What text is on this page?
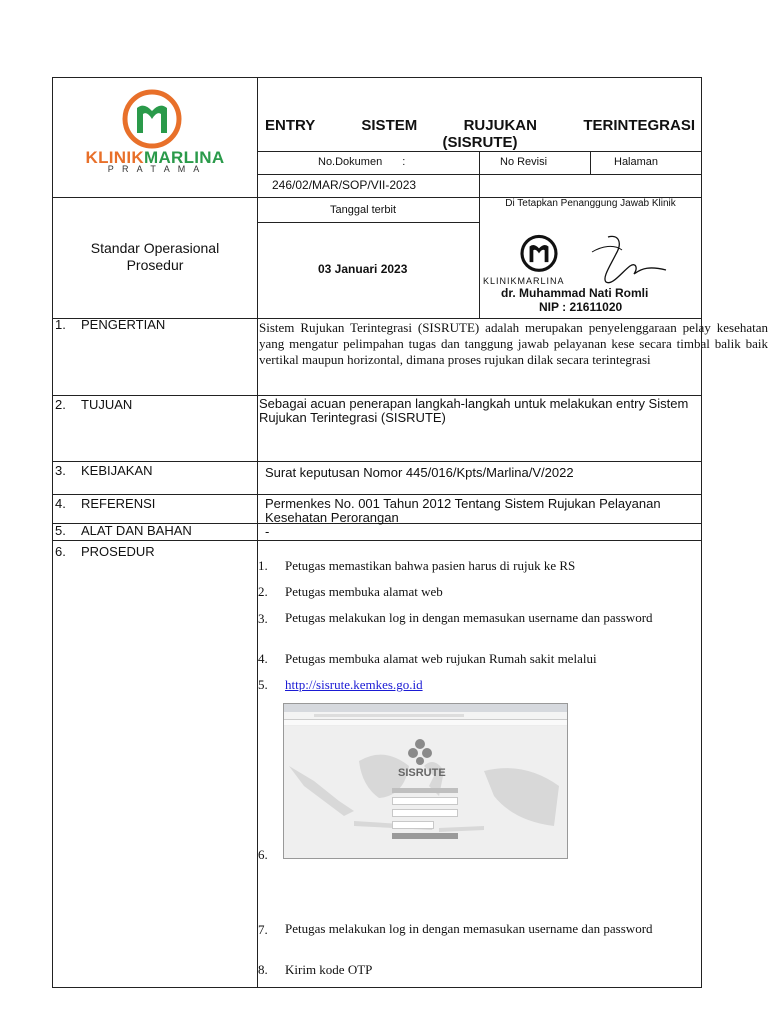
KLINIKMARLINA
P R A T A M A
ENTRY SISTEM RUJUKAN TERINTEGRASI
(SISRUTE)
No.Dokumen :	No Revisi	Halaman
246/02/MAR/SOP/VII-2023
Tanggal terbit
03 Januari 2023
Di Tetapkan Penanggung Jawab Klinik
Standar Operasional
Prosedur
KLINIKMARLINA
dr. Muhammad Nati Romli
NIP : 21611020
1. PENGERTIAN
2. TUJUAN
3. KEBIJAKAN
4. REFERENSI
5. ALAT DAN BAHAN
6. PROSEDUR
Sistem Rujukan Terintegrasi (SISRUTE) adalah merupakan penyelenggaraan pelay kesehatan yang mengatur pelimpahan tugas dan tanggung jawab pelayanan kese secara timbal balik baik vertikal maupun horizontal, dimana proses rujukan dilak secara terintegrasi
Sebagai acuan penerapan langkah-langkah untuk melakukan entry Sistem Rujukan Terintegrasi (SISRUTE)
Surat keputusan Nomor 445/016/Kpts/Marlina/V/2022
Permenkes No. 001 Tahun 2012 Tentang Sistem Rujukan Pelayanan Kesehatan Perorangan
-
1. Petugas memastikan bahwa pasien harus di rujuk ke RS
2. Petugas membuka alamat web
3. Petugas melakukan log in dengan memasukan username dan password
4. Petugas membuka alamat web rujukan Rumah sakit melalui
5. http://sisrute.kemkes.go.id
6.
7. Petugas melakukan log in dengan memasukan username dan password
8. Kirim kode OTP
SISRUTE
